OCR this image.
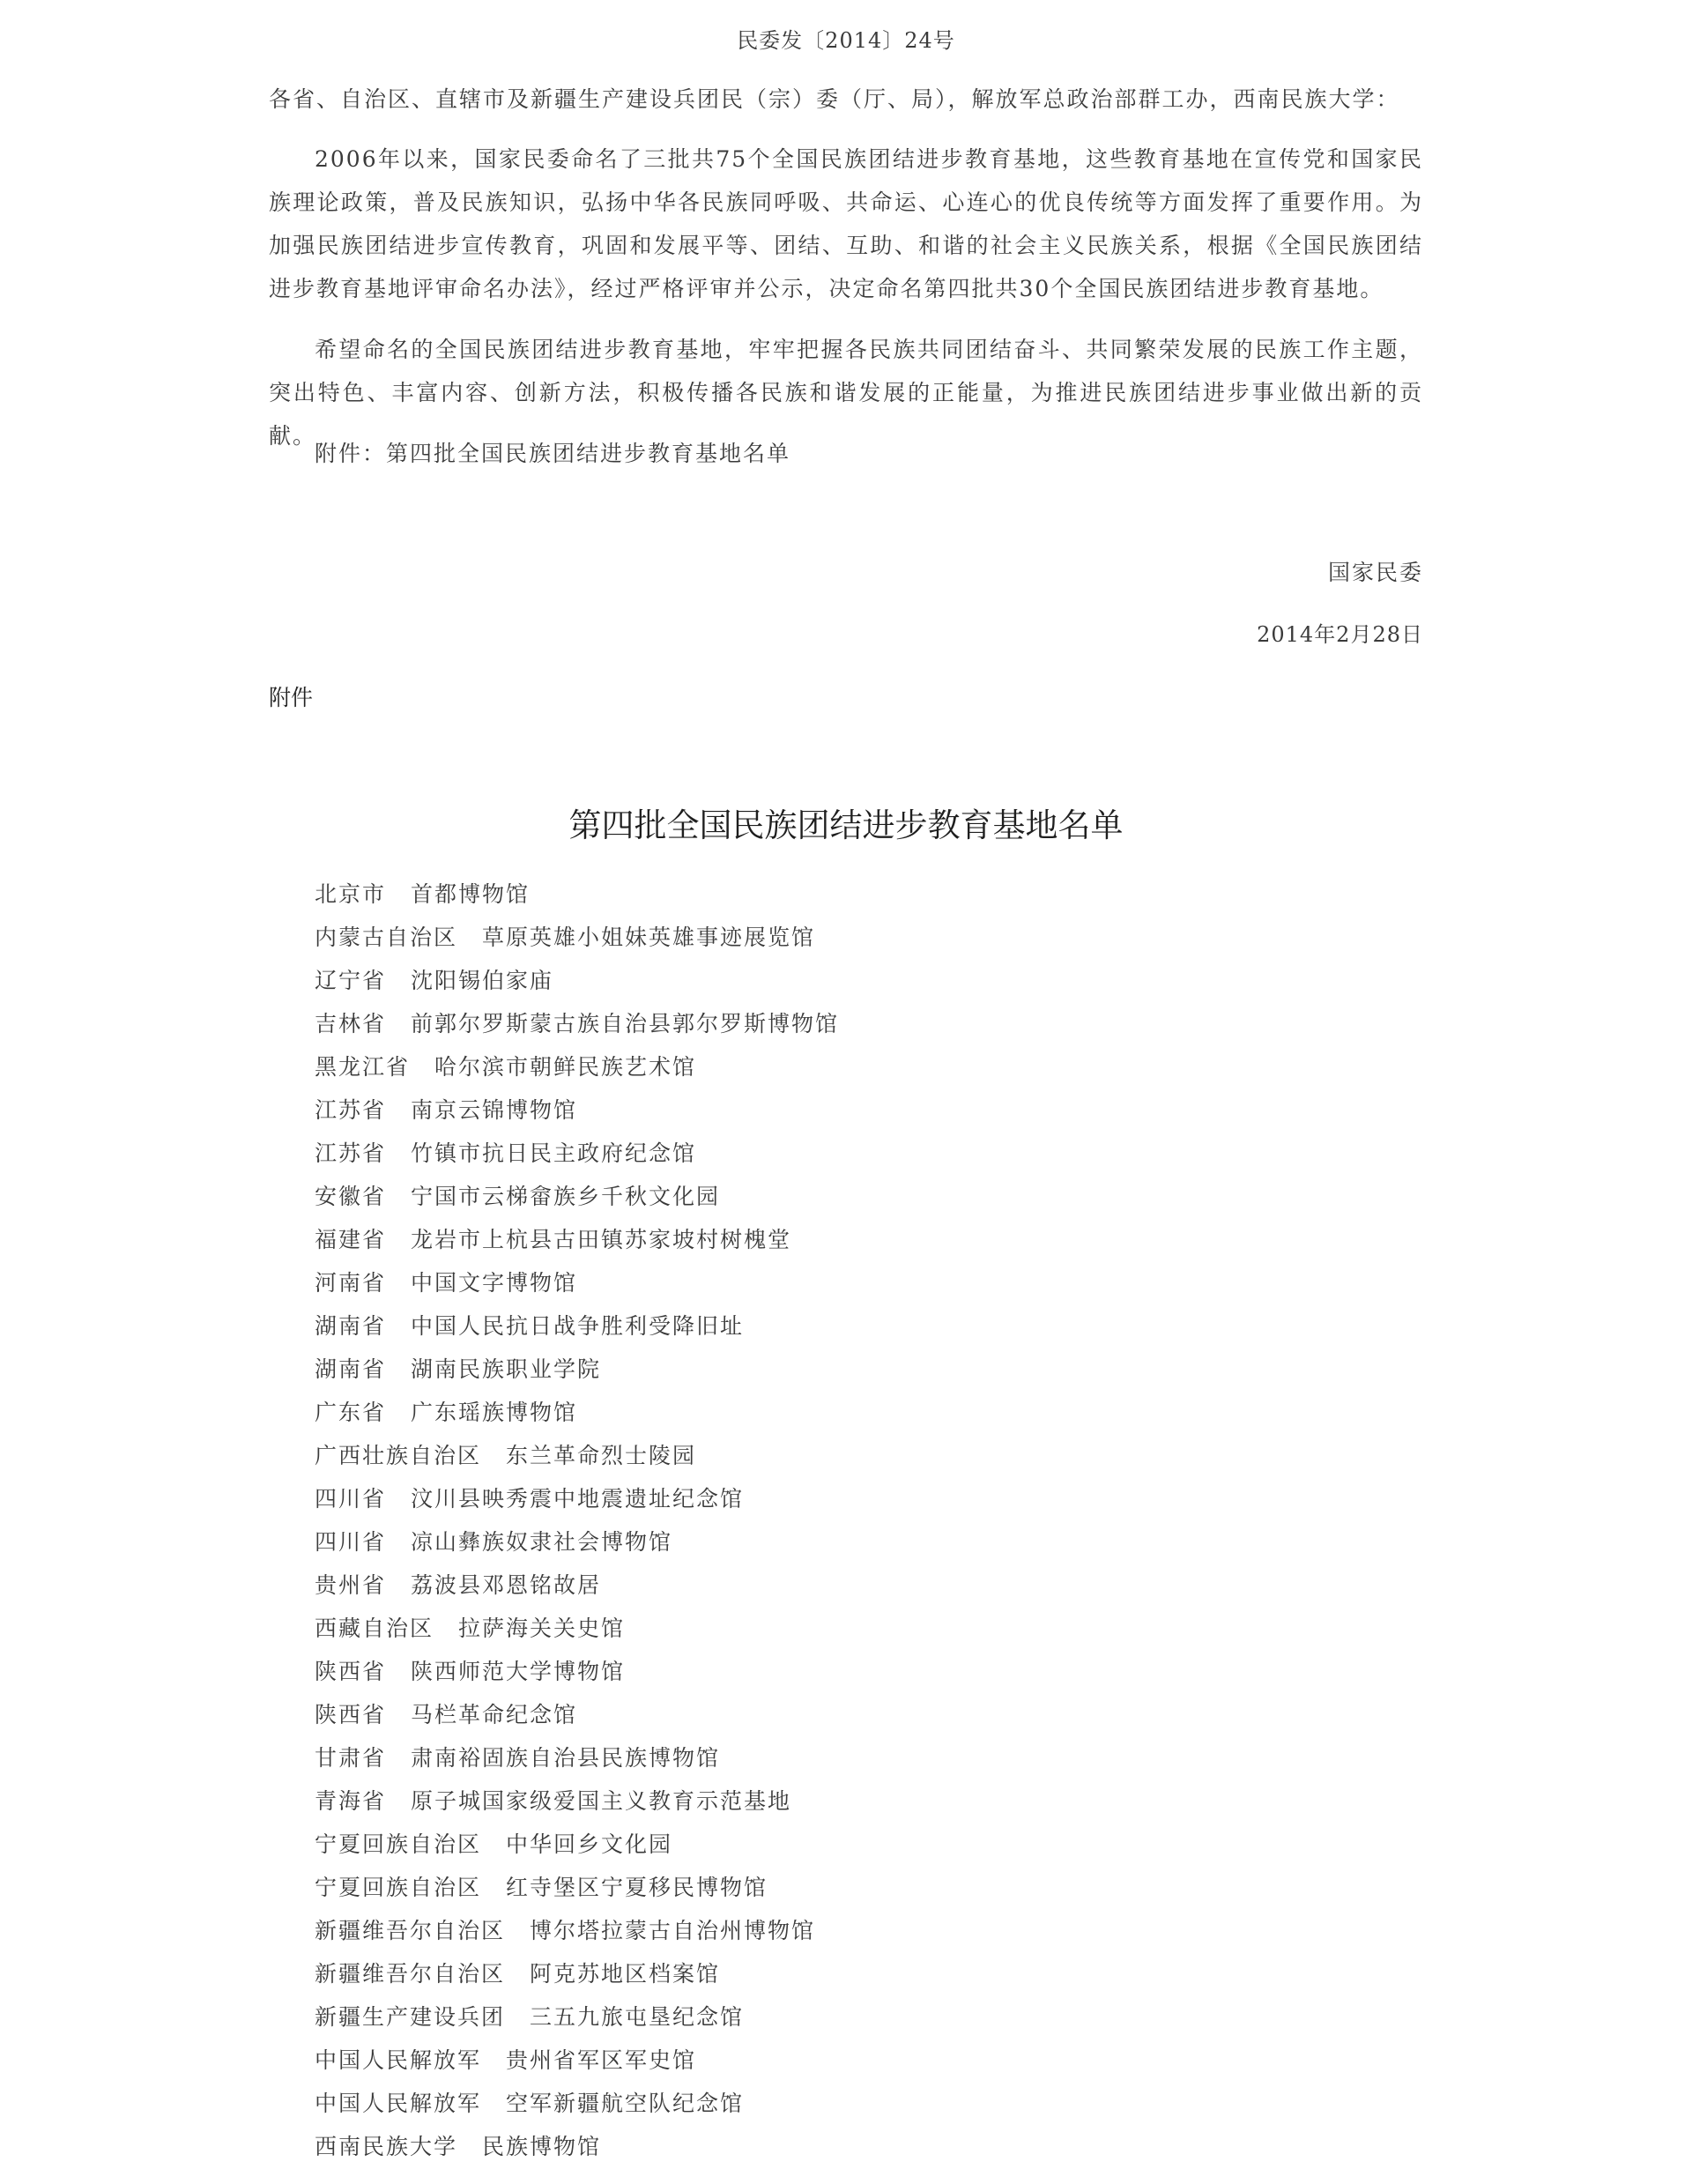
民委发〔2014〕24号
各省、自治区、直辖市及新疆生产建设兵团民（宗）委（厅、局），解放军总政治部群工办，西南民族大学：

2006年以来，国家民委命名了三批共75个全国民族团结进步教育基地，这些教育基地在宣传党和国家民族理论政策，普及民族知识，弘扬中华各民族同呼吸、共命运、心连心的优良传统等方面发挥了重要作用。为加强民族团结进步宣传教育，巩固和发展平等、团结、互助、和谐的社会主义民族关系，根据《全国民族团结进步教育基地评审命名办法》，经过严格评审并公示，决定命名第四批共30个全国民族团结进步教育基地。

希望命名的全国民族团结进步教育基地，牢牢把握各民族共同团结奋斗、共同繁荣发展的民族工作主题，突出特色、丰富内容、创新方法，积极传播各民族和谐发展的正能量，为推进民族团结进步事业做出新的贡献。

附件：第四批全国民族团结进步教育基地名单
国家民委
2014年2月28日
附件
第四批全国民族团结进步教育基地名单
北京市 首都博物馆
内蒙古自治区 草原英雄小姐妹英雄事迹展览馆
辽宁省 沈阳锡伯家庙
吉林省 前郭尔罗斯蒙古族自治县郭尔罗斯博物馆
黑龙江省 哈尔滨市朝鲜民族艺术馆
江苏省 南京云锦博物馆
江苏省 竹镇市抗日民主政府纪念馆
安徽省 宁国市云梯畲族乡千秋文化园
福建省 龙岩市上杭县古田镇苏家坡村树槐堂
河南省 中国文字博物馆
湖南省 中国人民抗日战争胜利受降旧址
湖南省 湖南民族职业学院
广东省 广东瑶族博物馆
广西壮族自治区 东兰革命烈士陵园
四川省 汶川县映秀震中地震遗址纪念馆
四川省 凉山彝族奴隶社会博物馆
贵州省 荔波县邓恩铭故居
西藏自治区 拉萨海关关史馆
陕西省 陕西师范大学博物馆
陕西省 马栏革命纪念馆
甘肃省 肃南裕固族自治县民族博物馆
青海省 原子城国家级爱国主义教育示范基地
宁夏回族自治区 中华回乡文化园
宁夏回族自治区 红寺堡区宁夏移民博物馆
新疆维吾尔自治区 博尔塔拉蒙古自治州博物馆
新疆维吾尔自治区 阿克苏地区档案馆
新疆生产建设兵团 三五九旅屯垦纪念馆
中国人民解放军 贵州省军区军史馆
中国人民解放军 空军新疆航空队纪念馆
西南民族大学 民族博物馆
